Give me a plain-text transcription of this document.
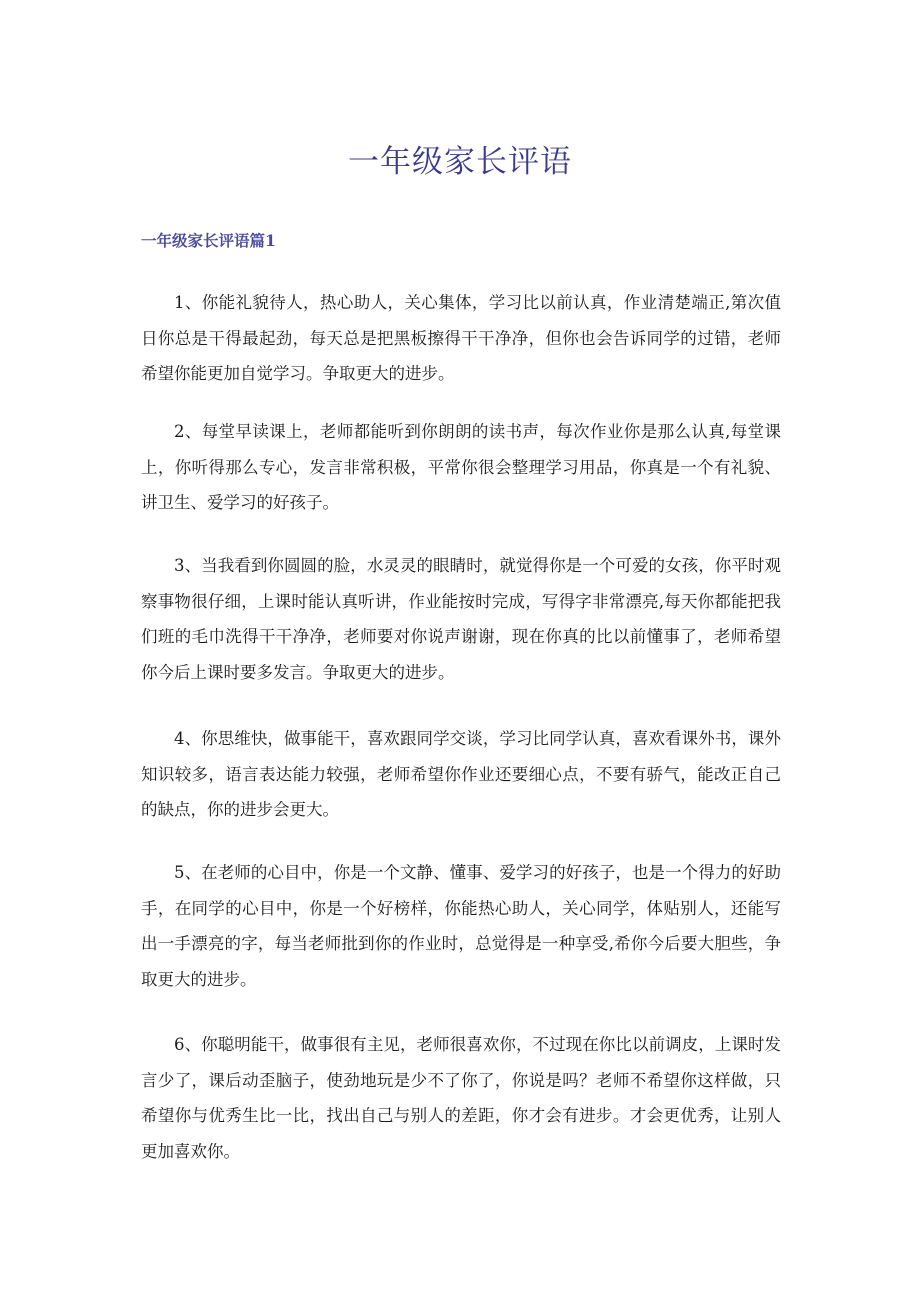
一年级家长评语
一年级家长评语篇1

1、你能礼貌待人，热心助人，关心集体，学习比以前认真，作业清楚端正,第次值日你总是干得最起劲，每天总是把黑板擦得干干净净，但你也会告诉同学的过错，老师希望你能更加自觉学习。争取更大的进步。

2、每堂早读课上，老师都能听到你朗朗的读书声，每次作业你是那么认真,每堂课上，你听得那么专心，发言非常积极，平常你很会整理学习用品，你真是一个有礼貌、讲卫生、爱学习的好孩子。

3、当我看到你圆圆的脸，水灵灵的眼睛时，就觉得你是一个可爱的女孩，你平时观察事物很仔细，上课时能认真听讲，作业能按时完成，写得字非常漂亮,每天你都能把我们班的毛巾洗得干干净净，老师要对你说声谢谢，现在你真的比以前懂事了，老师希望你今后上课时要多发言。争取更大的进步。

4、你思维快，做事能干，喜欢跟同学交谈，学习比同学认真，喜欢看课外书，课外知识较多，语言表达能力较强，老师希望你作业还要细心点，不要有骄气，能改正自己的缺点，你的进步会更大。

5、在老师的心目中，你是一个文静、懂事、爱学习的好孩子，也是一个得力的好助手，在同学的心目中，你是一个好榜样，你能热心助人，关心同学，体贴别人，还能写出一手漂亮的字，每当老师批到你的作业时，总觉得是一种享受,希你今后要大胆些，争取更大的进步。

6、你聪明能干，做事很有主见，老师很喜欢你，不过现在你比以前调皮，上课时发言少了，课后动歪脑子，使劲地玩是少不了你了，你说是吗？老师不希望你这样做，只希望你与优秀生比一比，找出自己与别人的差距，你才会有进步。才会更优秀，让别人更加喜欢你。
